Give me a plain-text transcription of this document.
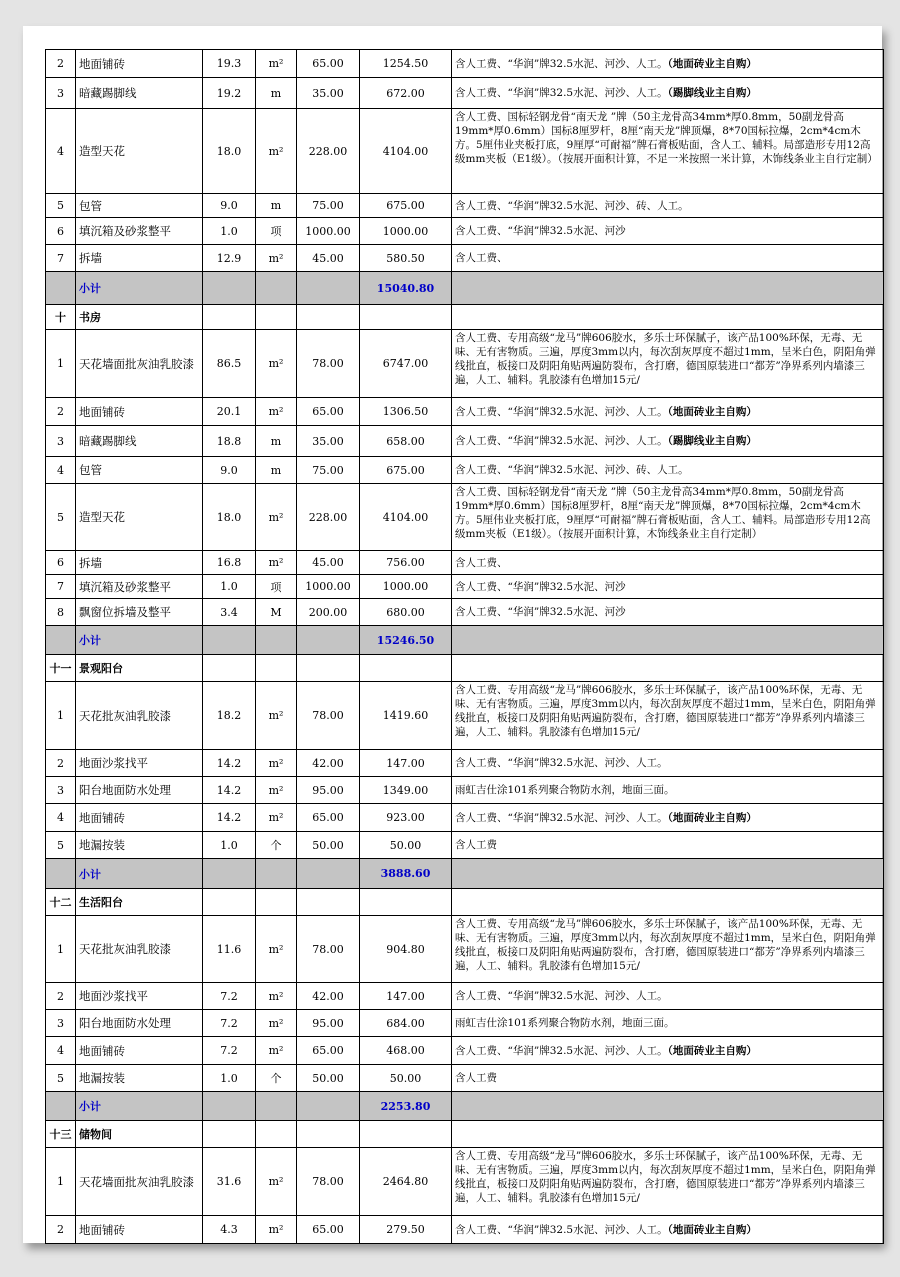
2	地面铺砖	19.3	m²	65.00	1254.50	含人工费、“华润”牌32.5水泥、河沙、人工。（地面砖业主自购）

3	暗藏踢脚线	19.2	m	35.00	672.00	含人工费、“华润”牌32.5水泥、河沙、人工。（踢脚线业主自购）

4	造型天花	18.0	m²	228.00	4104.00	含人工费、国标轻钢龙骨“南天龙 ”牌（50主龙骨高34mm*厚0.8mm，50副龙骨高19mm*厚0.6mm）国标8厘罗杆，8厘“南天龙”牌顶爆，8*70国标拉爆，2cm*4cm木方。5厘伟业夹板打底，9厘厚“可耐福”牌石膏板贴面，含人工、辅料。局部造形专用12高级mm夹板（E1级）。（按展开面积计算，不足一米按照一米计算，木饰线条业主自行定制）

5	包管	9.0	m	75.00	675.00	含人工费、“华润”牌32.5水泥、河沙、砖、人工。

6	填沉箱及砂浆整平	1.0	项	1000.00	1000.00	含人工费、“华润”牌32.5水泥、河沙

7	拆墙	12.9	m²	45.00	580.50	含人工费、

	小计				15040.80	
十	书房					
1	天花墙面批灰油乳胶漆	86.5	m²	78.00	6747.00	含人工费、专用高级“龙马”牌606胶水，多乐士环保腻子，该产品100%环保，无毒、无味、无有害物质。三遍，厚度3mm以内，每次刮灰厚度不超过1mm，呈米白色，阴阳角弹线批直，板接口及阴阳角贴两遍防裂布，含打磨，德国原装进口“都芳”净界系列内墙漆三遍，人工、辅料。乳胶漆有色增加15元/

2	地面铺砖	20.1	m²	65.00	1306.50	含人工费、“华润”牌32.5水泥、河沙、人工。（地面砖业主自购）

3	暗藏踢脚线	18.8	m	35.00	658.00	含人工费、“华润”牌32.5水泥、河沙、人工。（踢脚线业主自购）

4	包管	9.0	m	75.00	675.00	含人工费、“华润”牌32.5水泥、河沙、砖、人工。

5	造型天花	18.0	m²	228.00	4104.00	含人工费、国标轻钢龙骨“南天龙 ”牌（50主龙骨高34mm*厚0.8mm，50副龙骨高19mm*厚0.6mm）国标8厘罗杆，8厘“南天龙”牌顶爆，8*70国标拉爆，2cm*4cm木方。5厘伟业夹板打底，9厘厚“可耐福”牌石膏板贴面，含人工、辅料。局部造形专用12高级mm夹板（E1级）。（按展开面积计算，木饰线条业主自行定制）

6	拆墙	16.8	m²	45.00	756.00	含人工费、

7	填沉箱及砂浆整平	1.0	项	1000.00	1000.00	含人工费、“华润”牌32.5水泥、河沙

8	飘窗位拆墙及整平	3.4	M	200.00	680.00	含人工费、“华润”牌32.5水泥、河沙

	小计				15246.50	
十一	景观阳台					
1	天花批灰油乳胶漆	18.2	m²	78.00	1419.60	含人工费、专用高级“龙马”牌606胶水，多乐士环保腻子，该产品100%环保，无毒、无味、无有害物质。三遍，厚度3mm以内，每次刮灰厚度不超过1mm，呈米白色，阴阳角弹线批直，板接口及阴阳角贴两遍防裂布，含打磨，德国原装进口“都芳”净界系列内墙漆三遍，人工、辅料。乳胶漆有色增加15元/

2	地面沙浆找平	14.2	m²	42.00	147.00	含人工费、“华润”牌32.5水泥、河沙、人工。

3	阳台地面防水处理	14.2	m²	95.00	1349.00	雨虹吉仕涂101系列聚合物防水剂，地面三面。

4	地面铺砖	14.2	m²	65.00	923.00	含人工费、“华润”牌32.5水泥、河沙、人工。（地面砖业主自购）

5	地漏按装	1.0	个	50.00	50.00	含人工费

	小计				3888.60	
十二	生活阳台					
1	天花批灰油乳胶漆	11.6	m²	78.00	904.80	含人工费、专用高级“龙马”牌606胶水，多乐士环保腻子，该产品100%环保，无毒、无味、无有害物质。三遍，厚度3mm以内，每次刮灰厚度不超过1mm，呈米白色，阴阳角弹线批直，板接口及阴阳角贴两遍防裂布，含打磨，德国原装进口“都芳”净界系列内墙漆三遍，人工、辅料。乳胶漆有色增加15元/

2	地面沙浆找平	7.2	m²	42.00	147.00	含人工费、“华润”牌32.5水泥、河沙、人工。

3	阳台地面防水处理	7.2	m²	95.00	684.00	雨虹吉仕涂101系列聚合物防水剂，地面三面。

4	地面铺砖	7.2	m²	65.00	468.00	含人工费、“华润”牌32.5水泥、河沙、人工。（地面砖业主自购）

5	地漏按装	1.0	个	50.00	50.00	含人工费

	小计				2253.80	
十三	储物间					
1	天花墙面批灰油乳胶漆	31.6	m²	78.00	2464.80	含人工费、专用高级“龙马”牌606胶水，多乐士环保腻子，该产品100%环保，无毒、无味、无有害物质。三遍，厚度3mm以内，每次刮灰厚度不超过1mm，呈米白色，阴阳角弹线批直，板接口及阴阳角贴两遍防裂布，含打磨，德国原装进口“都芳”净界系列内墙漆三遍，人工、辅料。乳胶漆有色增加15元/

2	地面铺砖	4.3	m²	65.00	279.50	含人工费、“华润”牌32.5水泥、河沙、人工。（地面砖业主自购）
